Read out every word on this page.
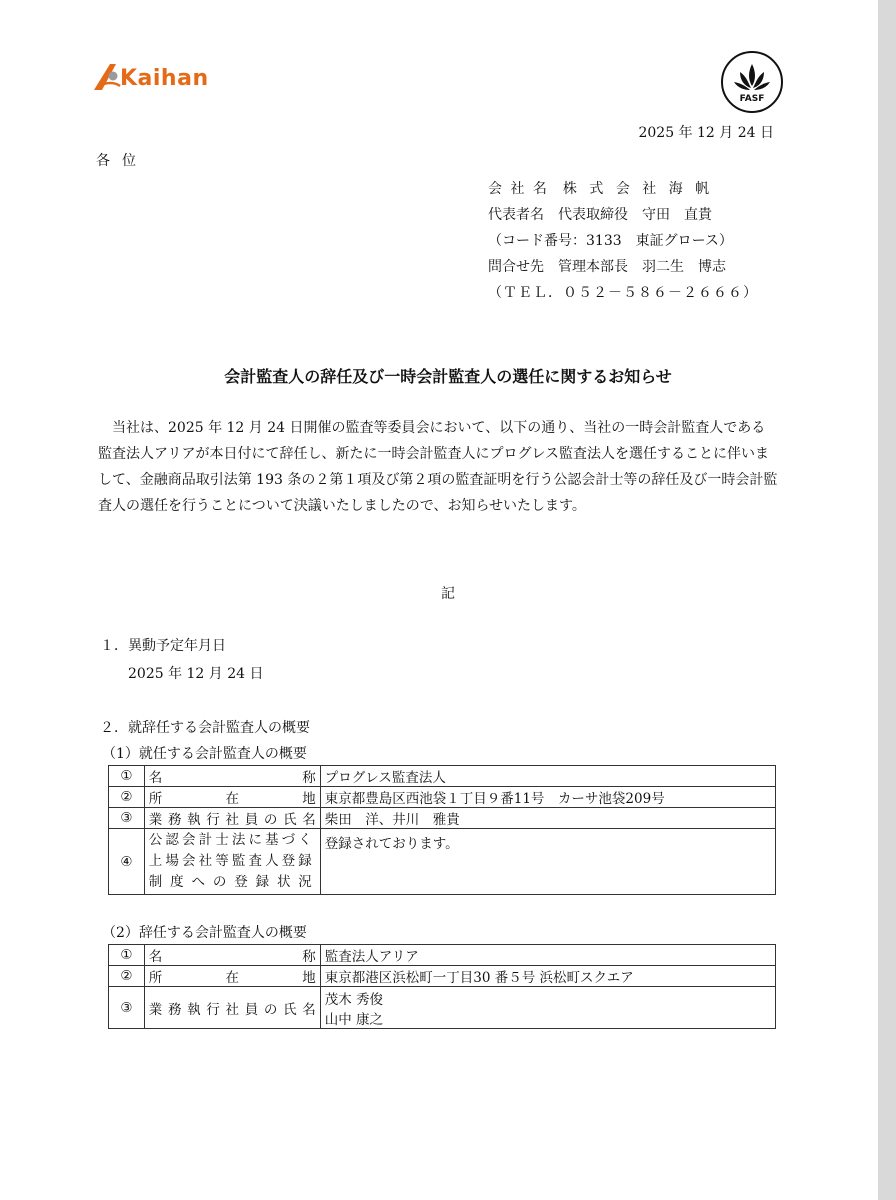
Kaihan
FASF
2025 年 12 月 24 日
各位
会 社 名　 株 式 会 社 海 帆
代表者名　 代表取締役　守田　直貴
（コード番号：3133　東証グロース）
問合せ先　 管理本部長　羽二生　博志
（ＴＥＬ．０５２－５８６－２６６６）
会計監査人の辞任及び一時会計監査人の選任に関するお知らせ

当社は、2025 年 12 月 24 日開催の監査等委員会において、以下の通り、当社の一時会計監査人である監査法人アリアが本日付にて辞任し、新たに一時会計監査人にプログレス監査法人を選任することに伴いまして、金融商品取引法第 193 条の２第１項及び第２項の監査証明を行う公認会計士等の辞任及び一時会計監査人の選任を行うことについて決議いたしましたので、お知らせいたします。

記
１．異動予定年月日
2025 年 12 月 24 日
２．就辞任する会計監査人の概要
（1）就任する会計監査人の概要
①	名称	プログレス監査法人
②	所在地	東京都豊島区西池袋１丁目９番11号　カーサ池袋209号
③	業務執行社員の氏名	柴田　洋、井川　雅貴
④	公認会計士法に基づく
上場会社等監査人登録
制度への登録状況	登録されております。
（2）辞任する会計監査人の概要
①	名称	監査法人アリア
②	所在地	東京都港区浜松町一丁目30 番５号 浜松町スクエア
③	業務執行社員の氏名	茂木 秀俊
山中 康之
